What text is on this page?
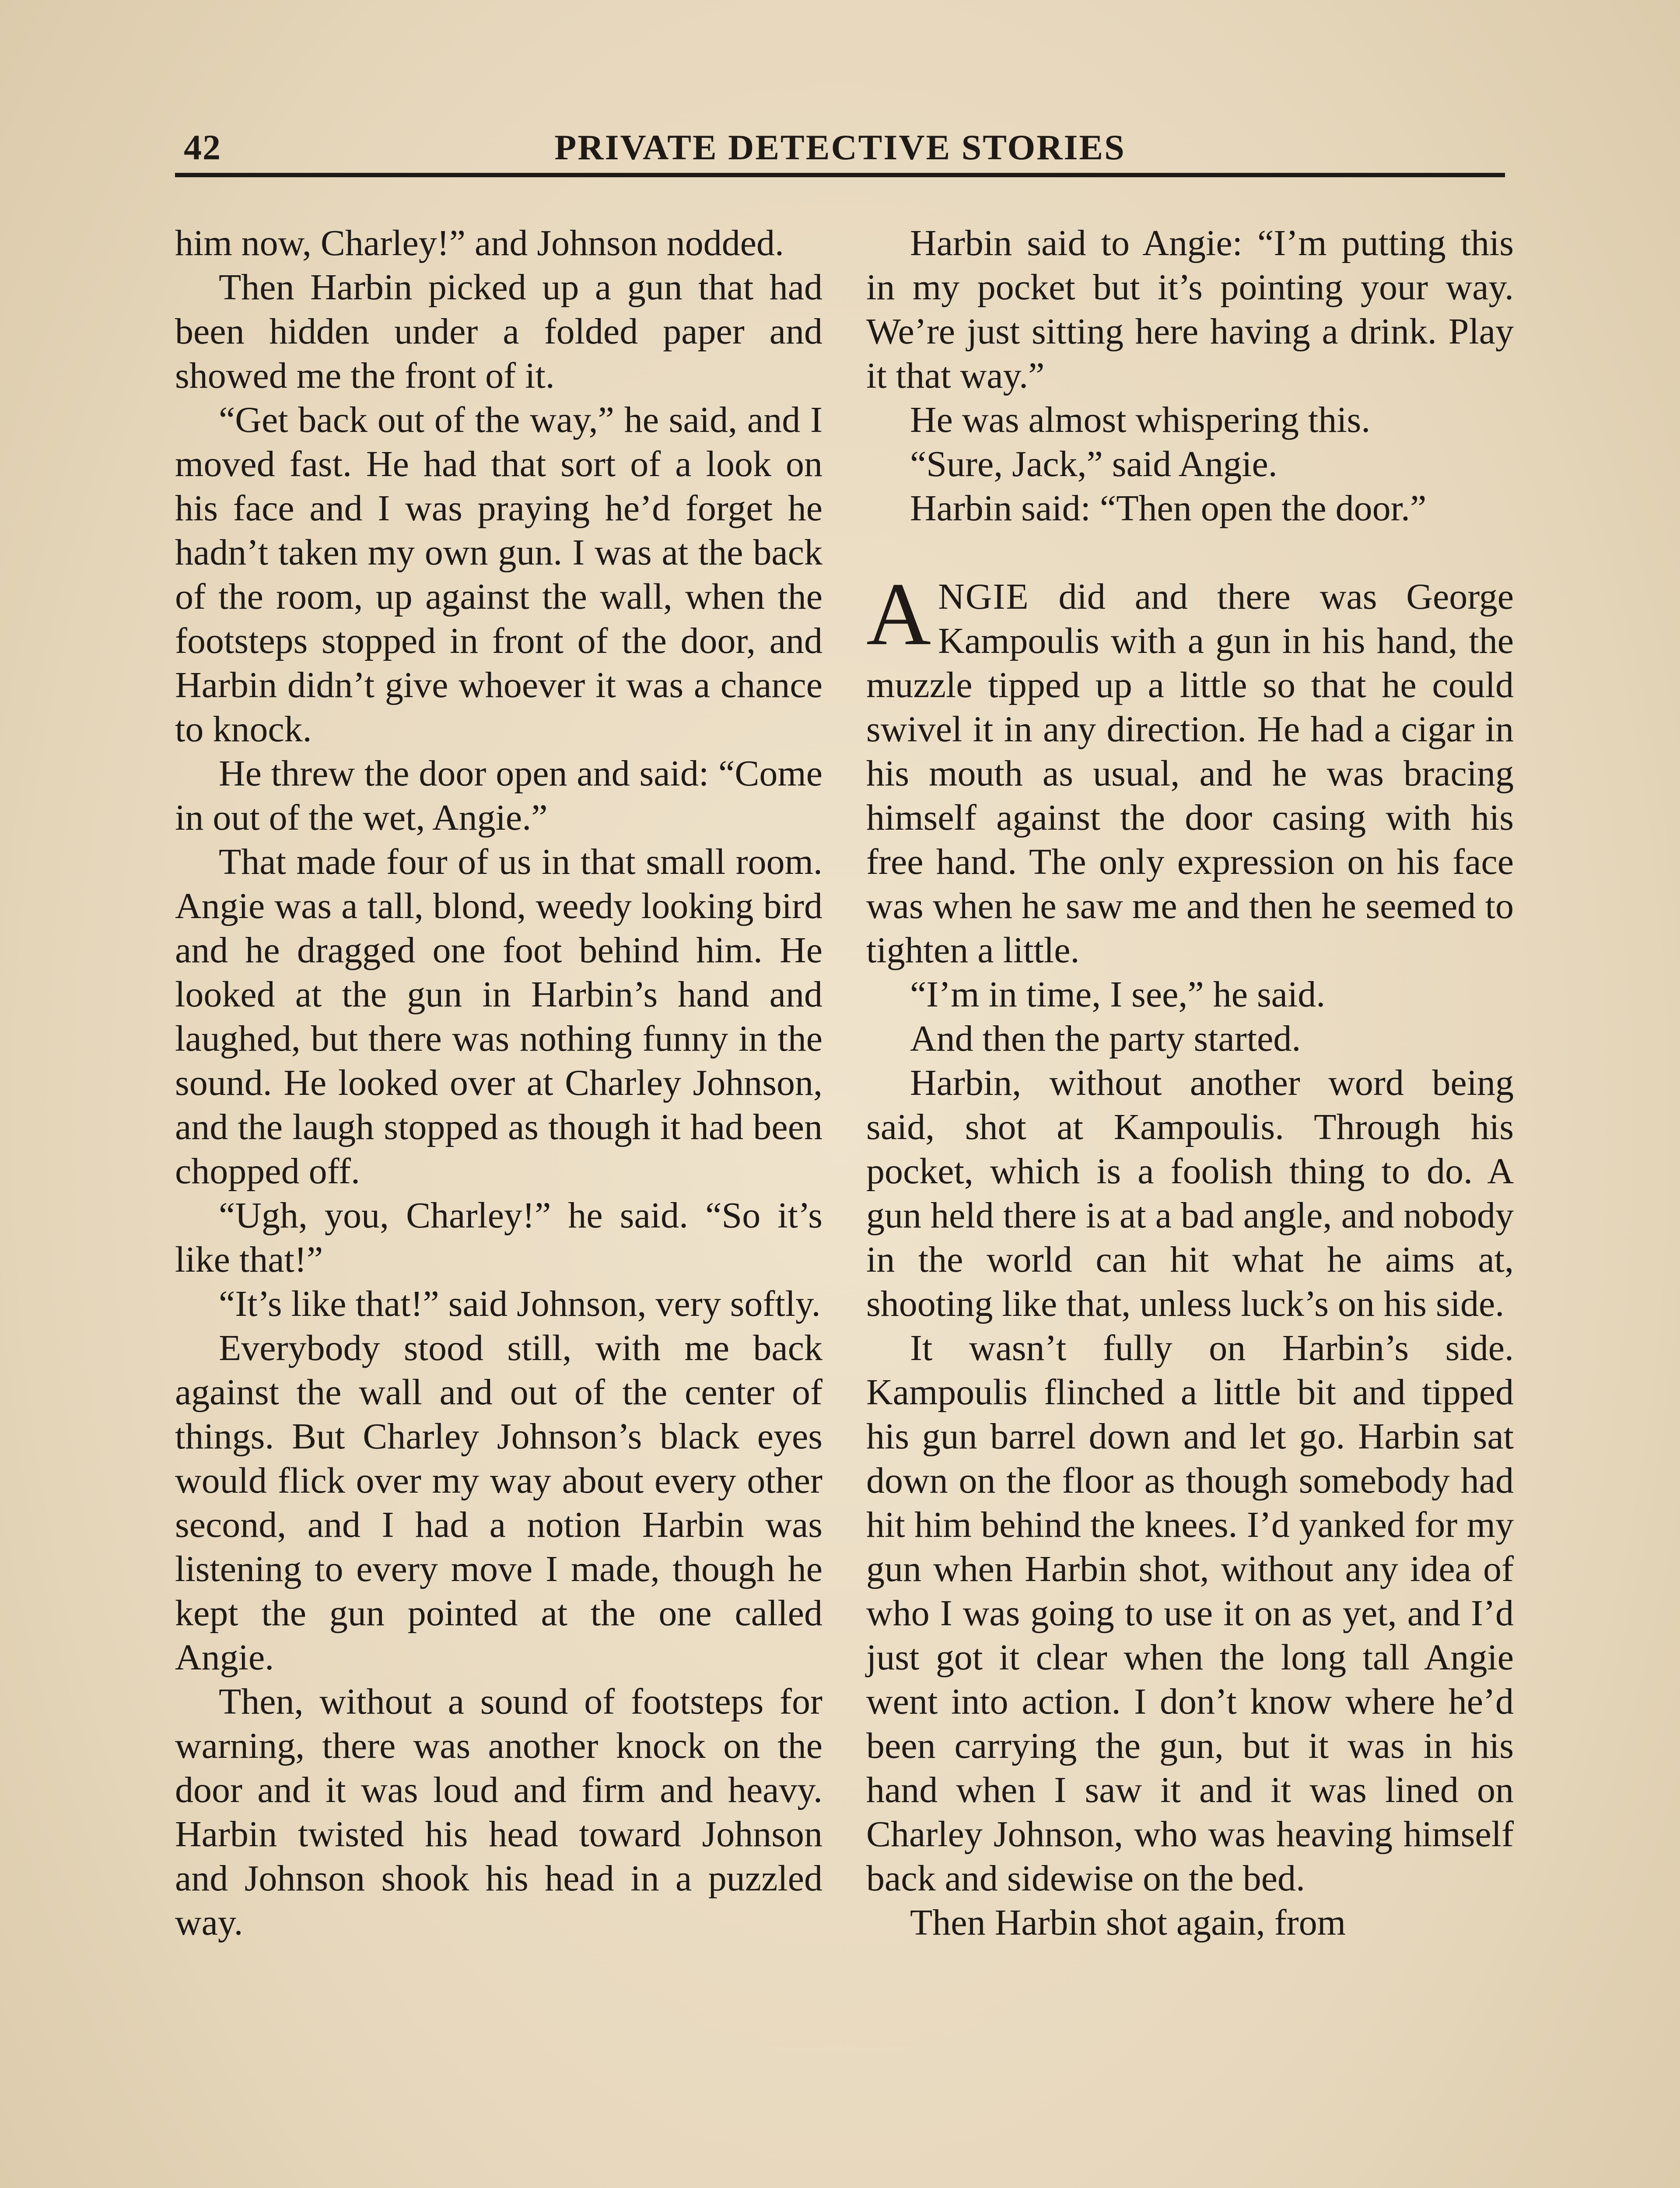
42	PRIVATE DETECTIVE STORIES

him now, Charley!” and Johnson nodded.

Then Harbin picked up a gun that had been hidden under a folded paper and showed me the front of it.

“Get back out of the way,” he said, and I moved fast. He had that sort of a look on his face and I was praying he’d forget he hadn’t taken my own gun. I was at the back of the room, up against the wall, when the footsteps stopped in front of the door, and Harbin didn’t give whoever it was a chance to knock.

He threw the door open and said: “Come in out of the wet, Angie.”

That made four of us in that small room. Angie was a tall, blond, weedy looking bird and he dragged one foot behind him. He looked at the gun in Harbin’s hand and laughed, but there was nothing funny in the sound. He looked over at Charley Johnson, and the laugh stopped as though it had been chopped off.

“Ugh, you, Charley!” he said. “So it’s like that!”

“It’s like that!” said Johnson, very softly.

Everybody stood still, with me back against the wall and out of the center of things. But Charley Johnson’s black eyes would flick over my way about every other second, and I had a notion Harbin was listening to every move I made, though he kept the gun pointed at the one called Angie.

Then, without a sound of footsteps for warning, there was another knock on the door and it was loud and firm and heavy. Harbin twisted his head toward Johnson and Johnson shook his head in a puzzled way.

Harbin said to Angie: “I’m putting this in my pocket but it’s pointing your way. We’re just sitting here having a drink. Play it that way.”

He was almost whispering this.

“Sure, Jack,” said Angie.

Harbin said: “Then open the door.”

ANGIE did and there was George Kampoulis with a gun in his hand, the muzzle tipped up a little so that he could swivel it in any direction. He had a cigar in his mouth as usual, and he was bracing himself against the door casing with his free hand. The only expression on his face was when he saw me and then he seemed to tighten a little.

“I’m in time, I see,” he said.

And then the party started.

Harbin, without another word being said, shot at Kampoulis. Through his pocket, which is a foolish thing to do. A gun held there is at a bad angle, and nobody in the world can hit what he aims at, shooting like that, unless luck’s on his side.

It wasn’t fully on Harbin’s side. Kampoulis flinched a little bit and tipped his gun barrel down and let go. Harbin sat down on the floor as though somebody had hit him behind the knees. I’d yanked for my gun when Harbin shot, without any idea of who I was going to use it on as yet, and I’d just got it clear when the long tall Angie went into action. I don’t know where he’d been carrying the gun, but it was in his hand when I saw it and it was lined on Charley Johnson, who was heaving himself back and sidewise on the bed.

Then Harbin shot again, from
